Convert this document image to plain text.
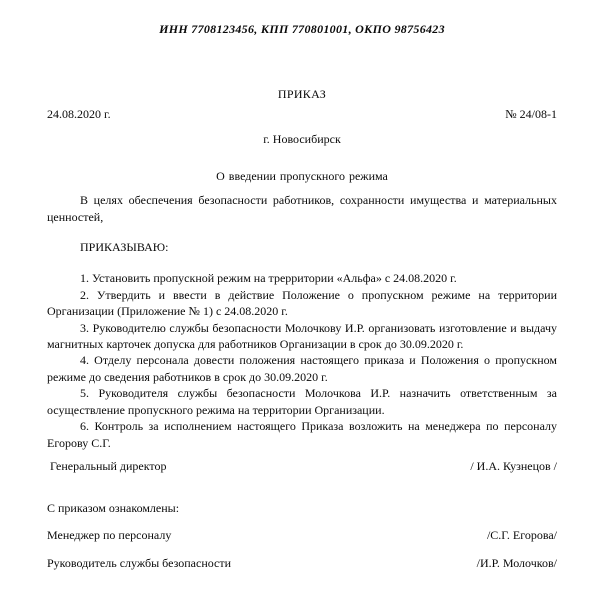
ИНН 7708123456, КПП 770801001, ОКПО 98756423
ПРИКАЗ
24.08.2020 г.	№ 24/08-1
г. Новосибирск
О введении пропускного режима

В целях обеспечения безопасности работников, сохранности имущества и материальных ценностей,

ПРИКАЗЫВАЮ:

1. Установить пропускной режим на трерритории «Альфа» с 24.08.2020 г.

2. Утвердить и ввести в действие Положение о пропускном режиме на территории Организации (Приложение № 1) с 24.08.2020 г.

3. Руководителю службы безопасности Молочкову И.Р. организовать изготовление и выдачу магнитных карточек допуска для работников Организации в срок до 30.09.2020 г.

4. Отделу персонала довести положения настоящего приказа и Положения о пропускном режиме до сведения работников в срок до 30.09.2020 г.

5. Руководителя службы безопасности Молочкова И.Р. назначить ответственным за осуществление пропускного режима на территории Организации.

6. Контроль за исполнением настоящего Приказа возложить на менеджера по персоналу Егорову С.Г.

Генеральный директор	/ И.А. Кузнецов /
С приказом ознакомлены:
Менеджер по персоналу	/С.Г. Егорова/
Руководитель службы безопасности	/И.Р. Молочков/
